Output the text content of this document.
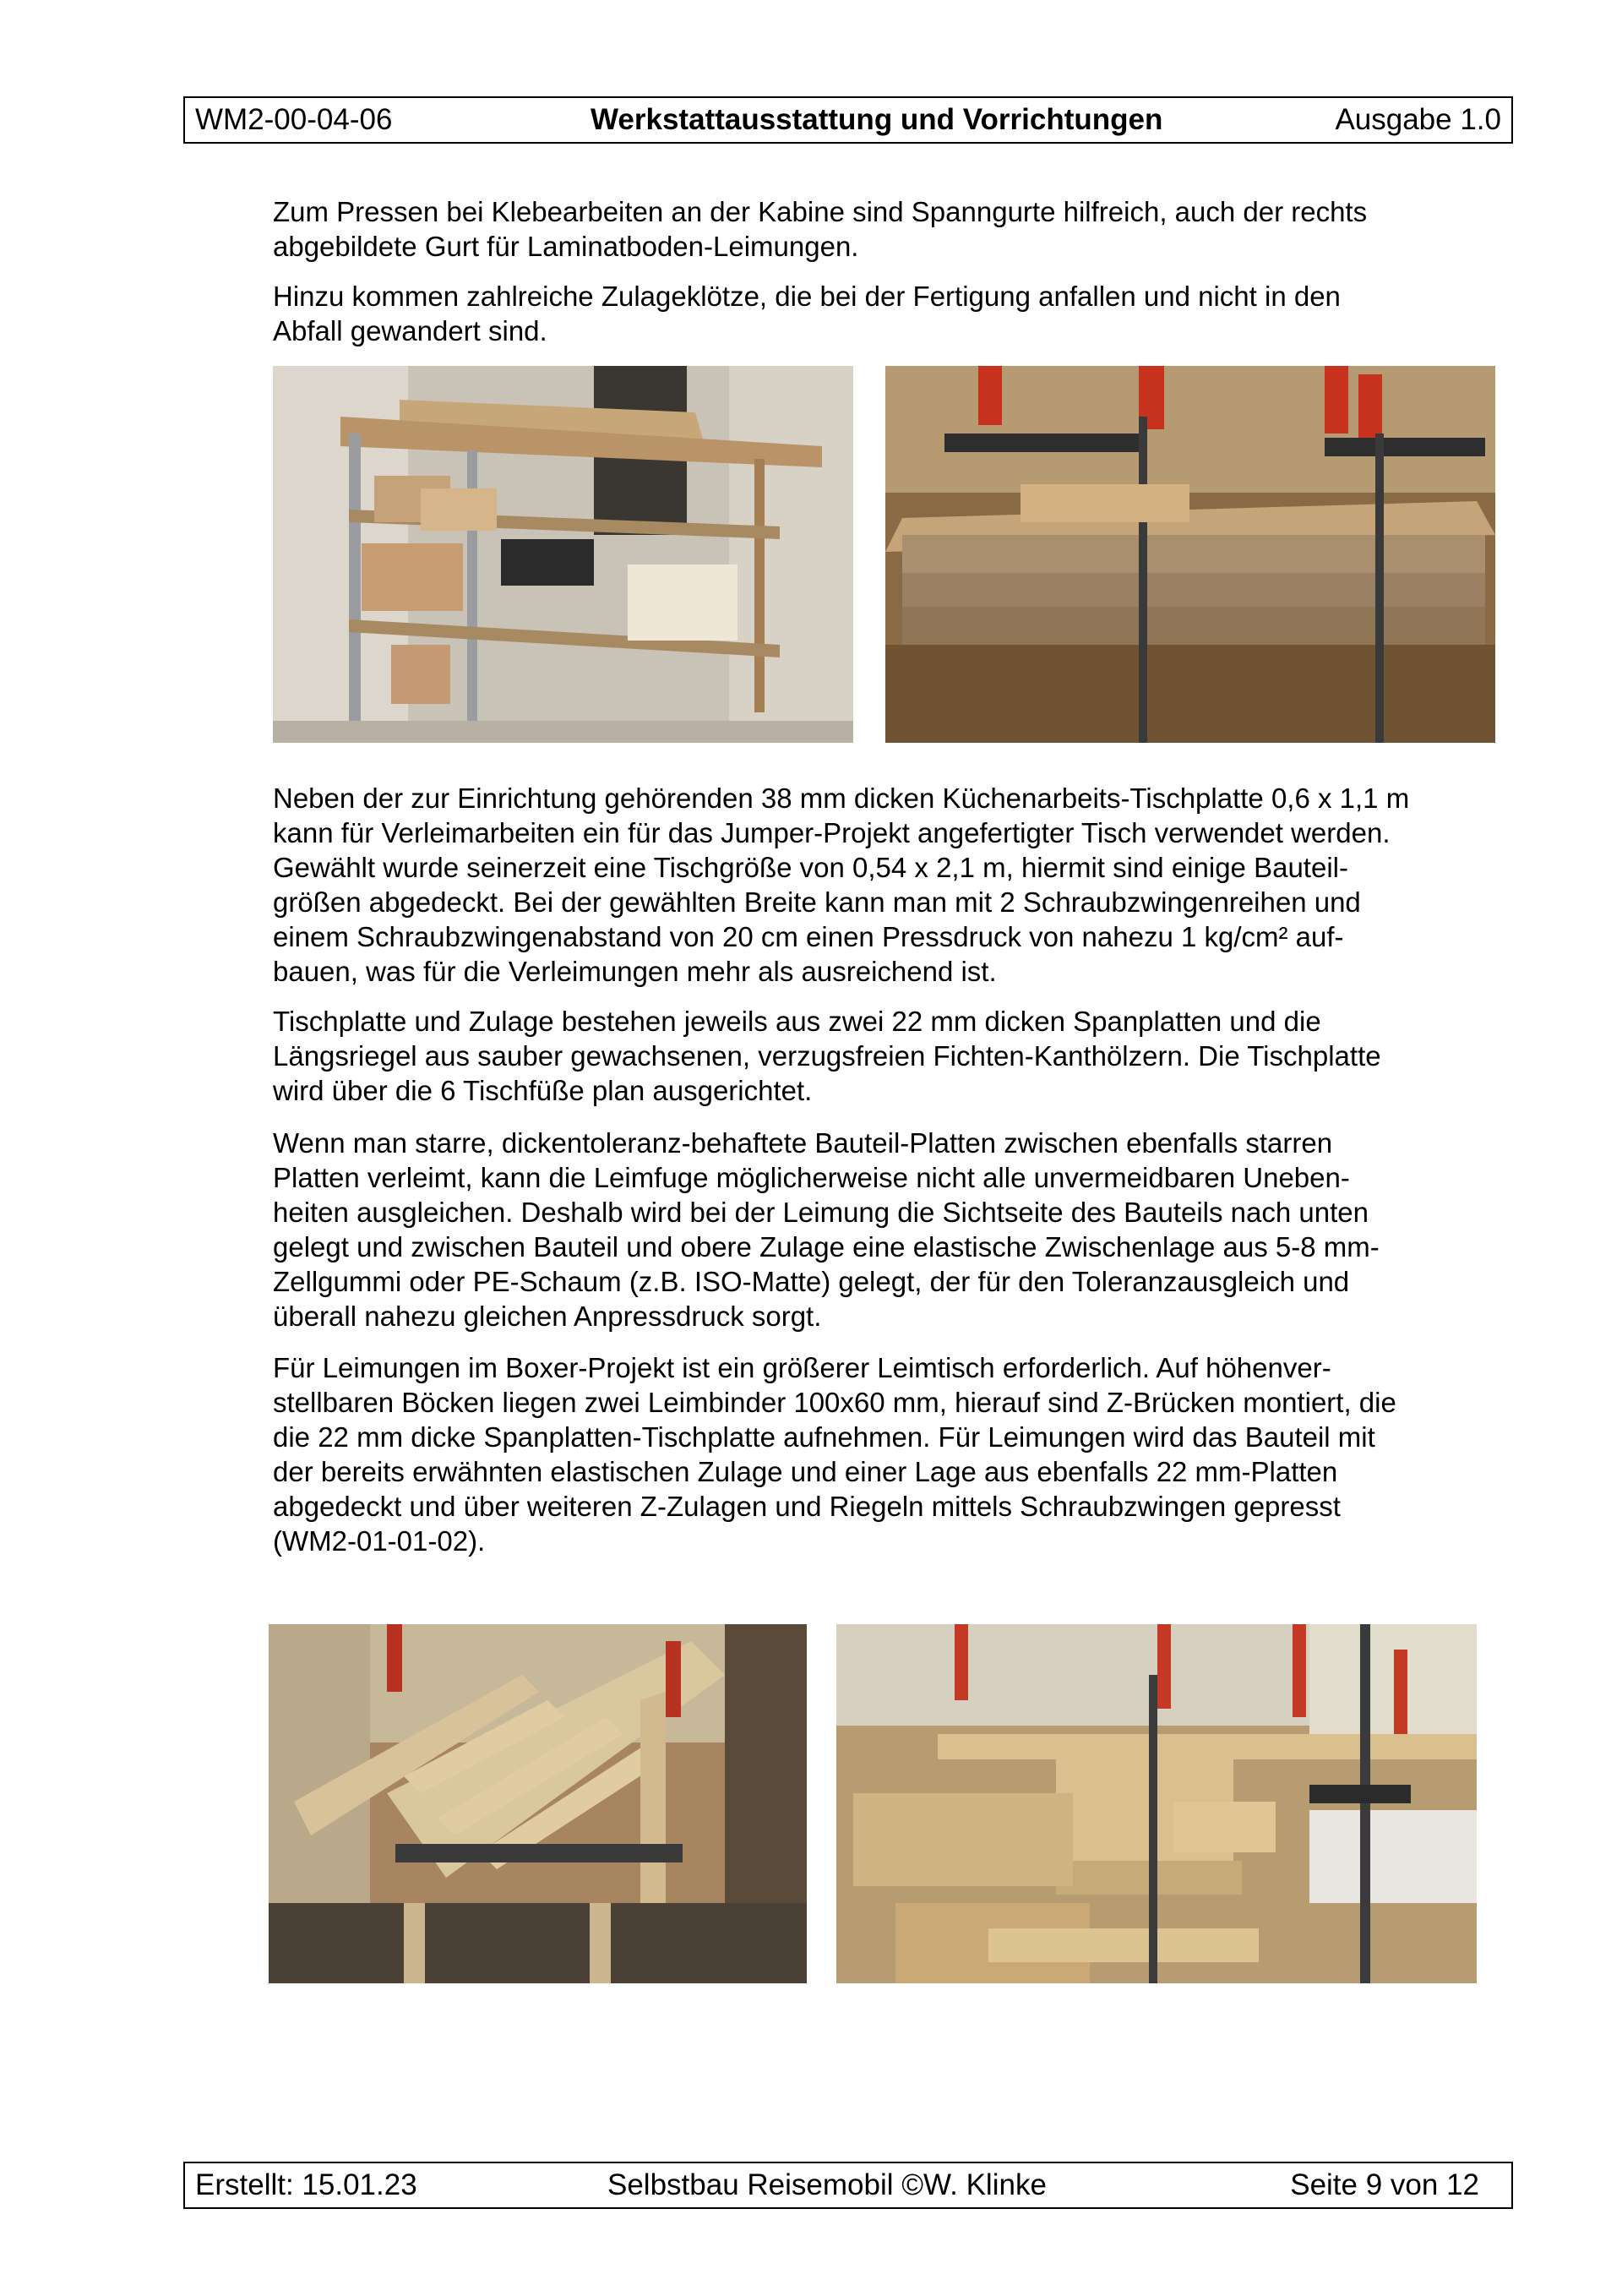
WM2-00-04-06	Werkstattausstattung und Vorrichtungen	Ausgabe 1.0

Zum Pressen bei Klebearbeiten an der Kabine sind Spanngurte hilfreich, auch der rechts

abgebildete Gurt für Laminatboden-Leimungen.

Hinzu kommen zahlreiche Zulageklötze, die bei der Fertigung anfallen und nicht in den

Abfall gewandert sind.

Neben der zur Einrichtung gehörenden 38 mm dicken Küchenarbeits-Tischplatte 0,6 x 1,1 m

kann für Verleimarbeiten ein für das Jumper-Projekt angefertigter Tisch verwendet werden.

Gewählt wurde seinerzeit eine Tischgröße von 0,54 x 2,1 m, hiermit sind einige Bauteil-

größen abgedeckt. Bei der gewählten Breite kann man mit 2 Schraubzwingenreihen und

einem Schraubzwingenabstand von 20 cm einen Pressdruck von nahezu 1 kg/cm² auf-

bauen, was für die Verleimungen mehr als ausreichend ist.

Tischplatte und Zulage bestehen jeweils aus zwei 22 mm dicken Spanplatten und die

Längsriegel aus sauber gewachsenen, verzugsfreien Fichten-Kanthölzern. Die Tischplatte

wird über die 6 Tischfüße plan ausgerichtet.

Wenn man starre, dickentoleranz-behaftete Bauteil-Platten zwischen ebenfalls starren

Platten verleimt, kann die Leimfuge möglicherweise nicht alle unvermeidbaren Uneben-

heiten ausgleichen. Deshalb wird bei der Leimung die Sichtseite des Bauteils nach unten

gelegt und zwischen Bauteil und obere Zulage eine elastische Zwischenlage aus 5-8 mm-

Zellgummi oder PE-Schaum (z.B. ISO-Matte) gelegt, der für den Toleranzausgleich und

überall nahezu gleichen Anpressdruck sorgt.

Für Leimungen im Boxer-Projekt ist ein größerer Leimtisch erforderlich. Auf höhenver-

stellbaren Böcken liegen zwei Leimbinder 100x60 mm, hierauf sind Z-Brücken montiert, die

die 22 mm dicke Spanplatten-Tischplatte aufnehmen. Für Leimungen wird das Bauteil mit

der bereits erwähnten elastischen Zulage und einer Lage aus ebenfalls 22 mm-Platten

abgedeckt und über weiteren Z-Zulagen und Riegeln mittels Schraubzwingen gepresst

(WM2-01-01-02).

Erstellt: 15.01.23	Selbstbau Reisemobil ©W. Klinke	Seite 9 von 12
